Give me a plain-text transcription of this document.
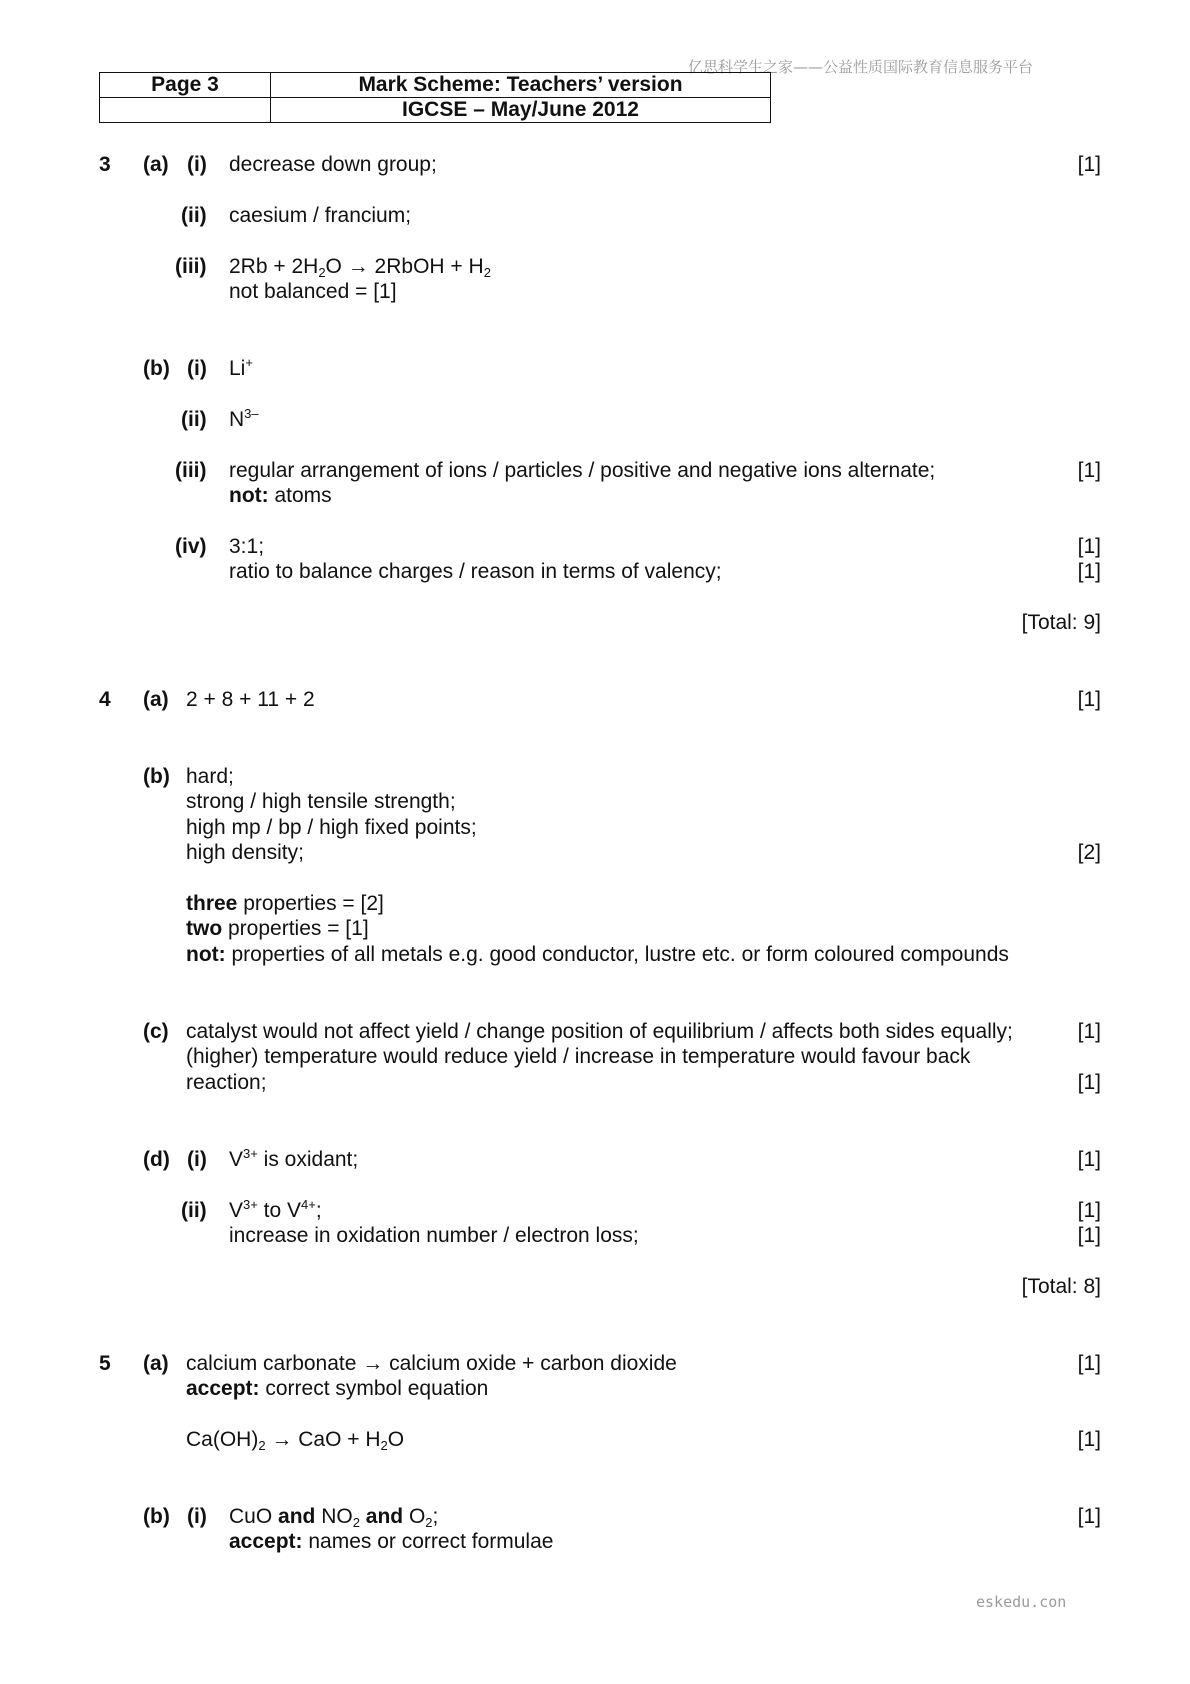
亿思科学生之家——公益性质国际教育信息服务平台
Page 3	Mark Scheme: Teachers’ version
	IGCSE – May/June 2012
3 (a) (i) decrease down group;	[1]
(ii) caesium / francium;
(iii) $2Rb + 2H_2O$ → 2RbOH + $H_2$
not balanced = [1]
(b) (i) Li+
(ii) $N^{3-}$
(iii) regular arrangement of ions / particles / positive and negative ions alternate;	[1]
not: atoms
(iv) 3:1;	[1]
ratio to balance charges / reason in terms of valency;	[1]
[Total: 9]
4 (a) 2 + 8 + 11 + 2	[1]
(b) hard;
strong / high tensile strength;
high mp / bp / high fixed points;
high density;	[2]
three properties = [2]
two properties = [1]
not: properties of all metals e.g. good conductor, lustre etc. or form coloured compounds
(c) catalyst would not affect yield / change position of equilibrium / affects both sides equally;	[1]
(higher) temperature would reduce yield / increase in temperature would favour back
reaction;	[1]
(d) (i) $V^{3+}$ is oxidant;	[1]
(ii) $V^{3+}$ to $V^{4+}$;	[1]
increase in oxidation number / electron loss;	[1]
[Total: 8]
5 (a) calcium carbonate → calcium oxide + carbon dioxide	[1]
accept: correct symbol equation
$Ca(OH)_2$ → CaO + $H_2O$	[1]
(b) (i) CuO and $NO_2$ and $O_2$;	[1]
accept: names or correct formulae
eskedu.con
